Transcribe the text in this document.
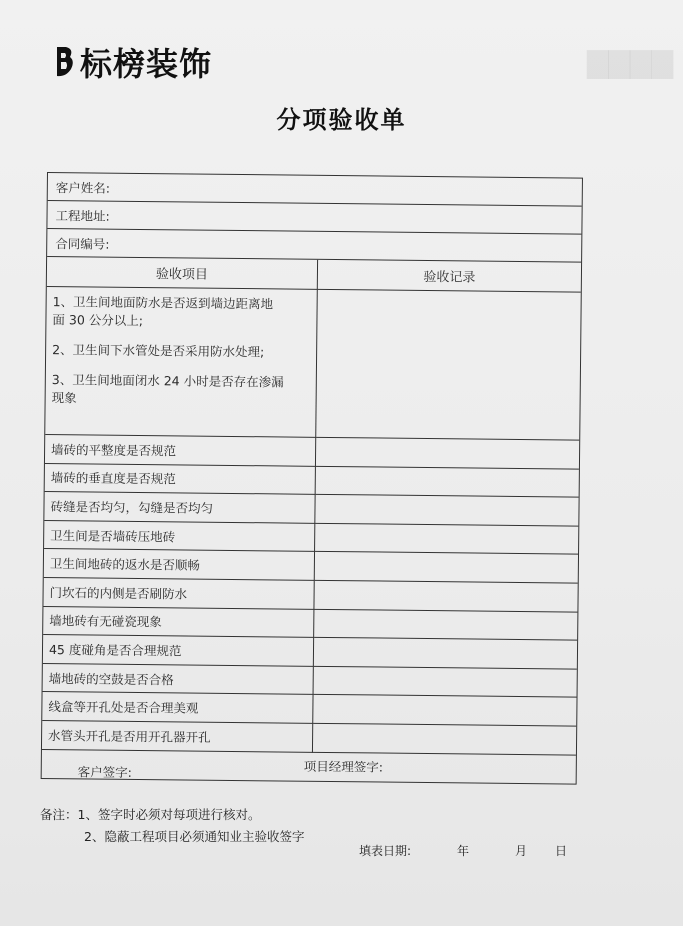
标榜装饰	▇▇▇▇
分项验收单
客户姓名:
工程地址:
合同编号:
验收项目	验收记录

1、卫生间地面防水是否返到墙边距离地

面 30 公分以上;

2、卫生间下水管处是否采用防水处理;

3、卫生间地面闭水 24 小时是否存在渗漏

现象

墙砖的平整度是否规范
墙砖的垂直度是否规范
砖缝是否均匀，勾缝是否均匀
卫生间是否墙砖压地砖
卫生间地砖的返水是否顺畅
门坎石的内侧是否刷防水
墙地砖有无碰瓷现象
45 度碰角是否合理规范
墙地砖的空鼓是否合格
线盒等开孔处是否合理美观
水管头开孔是否用开孔器开孔
客户签字:	项目经理签字:
备注：1、签字时必须对每项进行核对。
2、隐蔽工程项目必须通知业主验收签字
填表日期:	年	月	日
